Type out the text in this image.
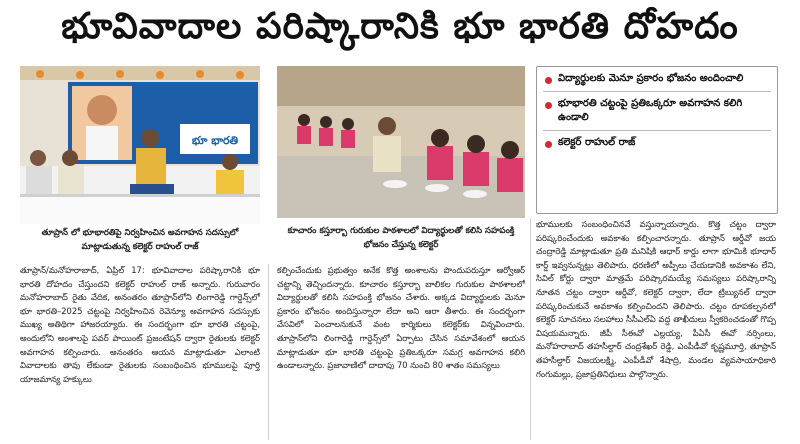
భూవివాదాల పరిష్కారానికి భూ భారతి దోహదం
భూ భారతి
తూప్రాన్ లో భూభారతిపై నిర్వహించిన అవగాహన సదస్సులో మాట్లాడుతున్న కలెక్టర్ రాహుల్ రాజ్
కూచారం కస్తూర్బా గురుకుల పాఠశాలలో విద్యార్థులతో కలిసి సహపంక్తి భోజనం చేస్తున్న కలెక్టర్
విద్యార్థులకు మెనూ ప్రకారం భోజనం అందించాలి
భూభారతి చట్టంపై ప్రతిఒక్కరూ అవగాహన కలిగి ఉండాలి
కలెక్టర్ రాహుల్ రాజ్
తూప్రాన్/మనోహరాబాద్, ఏప్రిల్ 17: భూవివాదాల పరిష్కారానికి భూ భారతి దోహదం చేస్తుందని కలెక్టర్ రాహుల్ రాజ్ అన్నారు. గురువారం మనోహరాబాద్ రైతు వేదిక, అనంతరం తూప్రాన్‌లోని లింగారెడ్డి గార్డెన్స్‌లో భూ భారతి–2025 చట్టంపై నిర్వహించిన రెవెన్యూ అవగాహన సదస్సుకు ముఖ్య అతిథిగా హాజరయ్యారు. ఈ సందర్భంగా భూ భారతి చట్టంపై, అందులోని అంశాలపై పవర్ పాయింట్ ప్రజంటేషన్ ద్వారా రైతులకు కలెక్టర్ అవగాహన కల్పించారు. అనంతరం ఆయన మాట్లాడుతూ ఎలాంటి వివాదాలకు తావు లేకుండా రైతులకు సంబంధించిన భూములపై పూర్తి యాజమాన్య హక్కులు
కల్పించేందుకు ప్రభుత్వం అనేక కొత్త అంశాలను పొందుపరుస్తూ ఆర్వోఆర్ చట్టాన్ని తెచ్చిందన్నారు. కూచారం కస్తూర్బా బాలికల గురుకుల పాఠశాలలో విద్యార్థులతో కలిసి సహపంక్తి భోజనం చేశారు. అక్కడ విద్యార్థులకు మెనూ ప్రకారం భోజనం అందిస్తున్నారా లేదా అని ఆరా తీశారు. ఈ సందర్భంగా వేసవిలో పెంచాలనుకునే వంట కార్మికులు కలెక్టర్‌కు విన్నవించారు. తూప్రాన్‌లోని లింగారెడ్డి గార్డెన్స్‌లో ఏర్పాటు చేసిన సమావేశంలో ఆయన మాట్లాడుతూ భూ భారతి చట్టంపై ప్రతిఒక్కరూ సమగ్ర అవగాహన కలిగి ఉండాలన్నారు. ప్రజావాణిలో దాదాపు 70 నుంచి 80 శాతం సమస్యలు
భూములకు సంబంధించినవే వస్తున్నాయన్నారు. కొత్త చట్టం ద్వారా పరిష్కరించేందుకు అవకాశం కల్పించారన్నారు. తూప్రాన్ ఆర్డీవో జయ చంద్రారెడ్డి మాట్లాడుతూ ప్రతి మనిషికి ఆధార్ కార్డు లాగా భూమికి భూధార్ కార్డ్ ఇవ్వనున్నట్లు తెలిపారు. ధరణిలో అప్పీలు చేయడానికి అవకాశం లేని, సివిల్ కోర్టు ద్వారా మాత్రమే పరిష్కారమయ్యే సమస్యలు పరిష్కారాన్ని నూతన చట్టం ద్వారా ఆర్డీవో, కలెక్టర్ ద్వారా, లేదా ట్రిబ్యునల్ ద్వారా పరిష్కరించుకునే అవకాశం కల్పించిందని తెలిపారు. చట్టం రూపకల్పనలో కలెక్టర్ సూచనలు సలహాలు సీసీఎల్ఏ వద్ద తాఖీదులు స్వీకరించడంతో గొప్ప విషయమన్నారు. జీపీ సీఈవో ఎల్లయ్య, పీఏసీ ఈవో నర్సింలు, మనోహరాబాద్ తహసీల్దార్ చంద్రశేఖర్ రెడ్డి, ఎంపీడీవో కృష్ణమూర్తి, తూప్రాన్ తహసీల్దార్ విజయలక్ష్మి, ఎంపీడీవో శేషాద్రి, మండల వ్యవసాయాధికారి గంగుమల్లు, ప్రజాప్రతినిధులు పాల్గొన్నారు.
